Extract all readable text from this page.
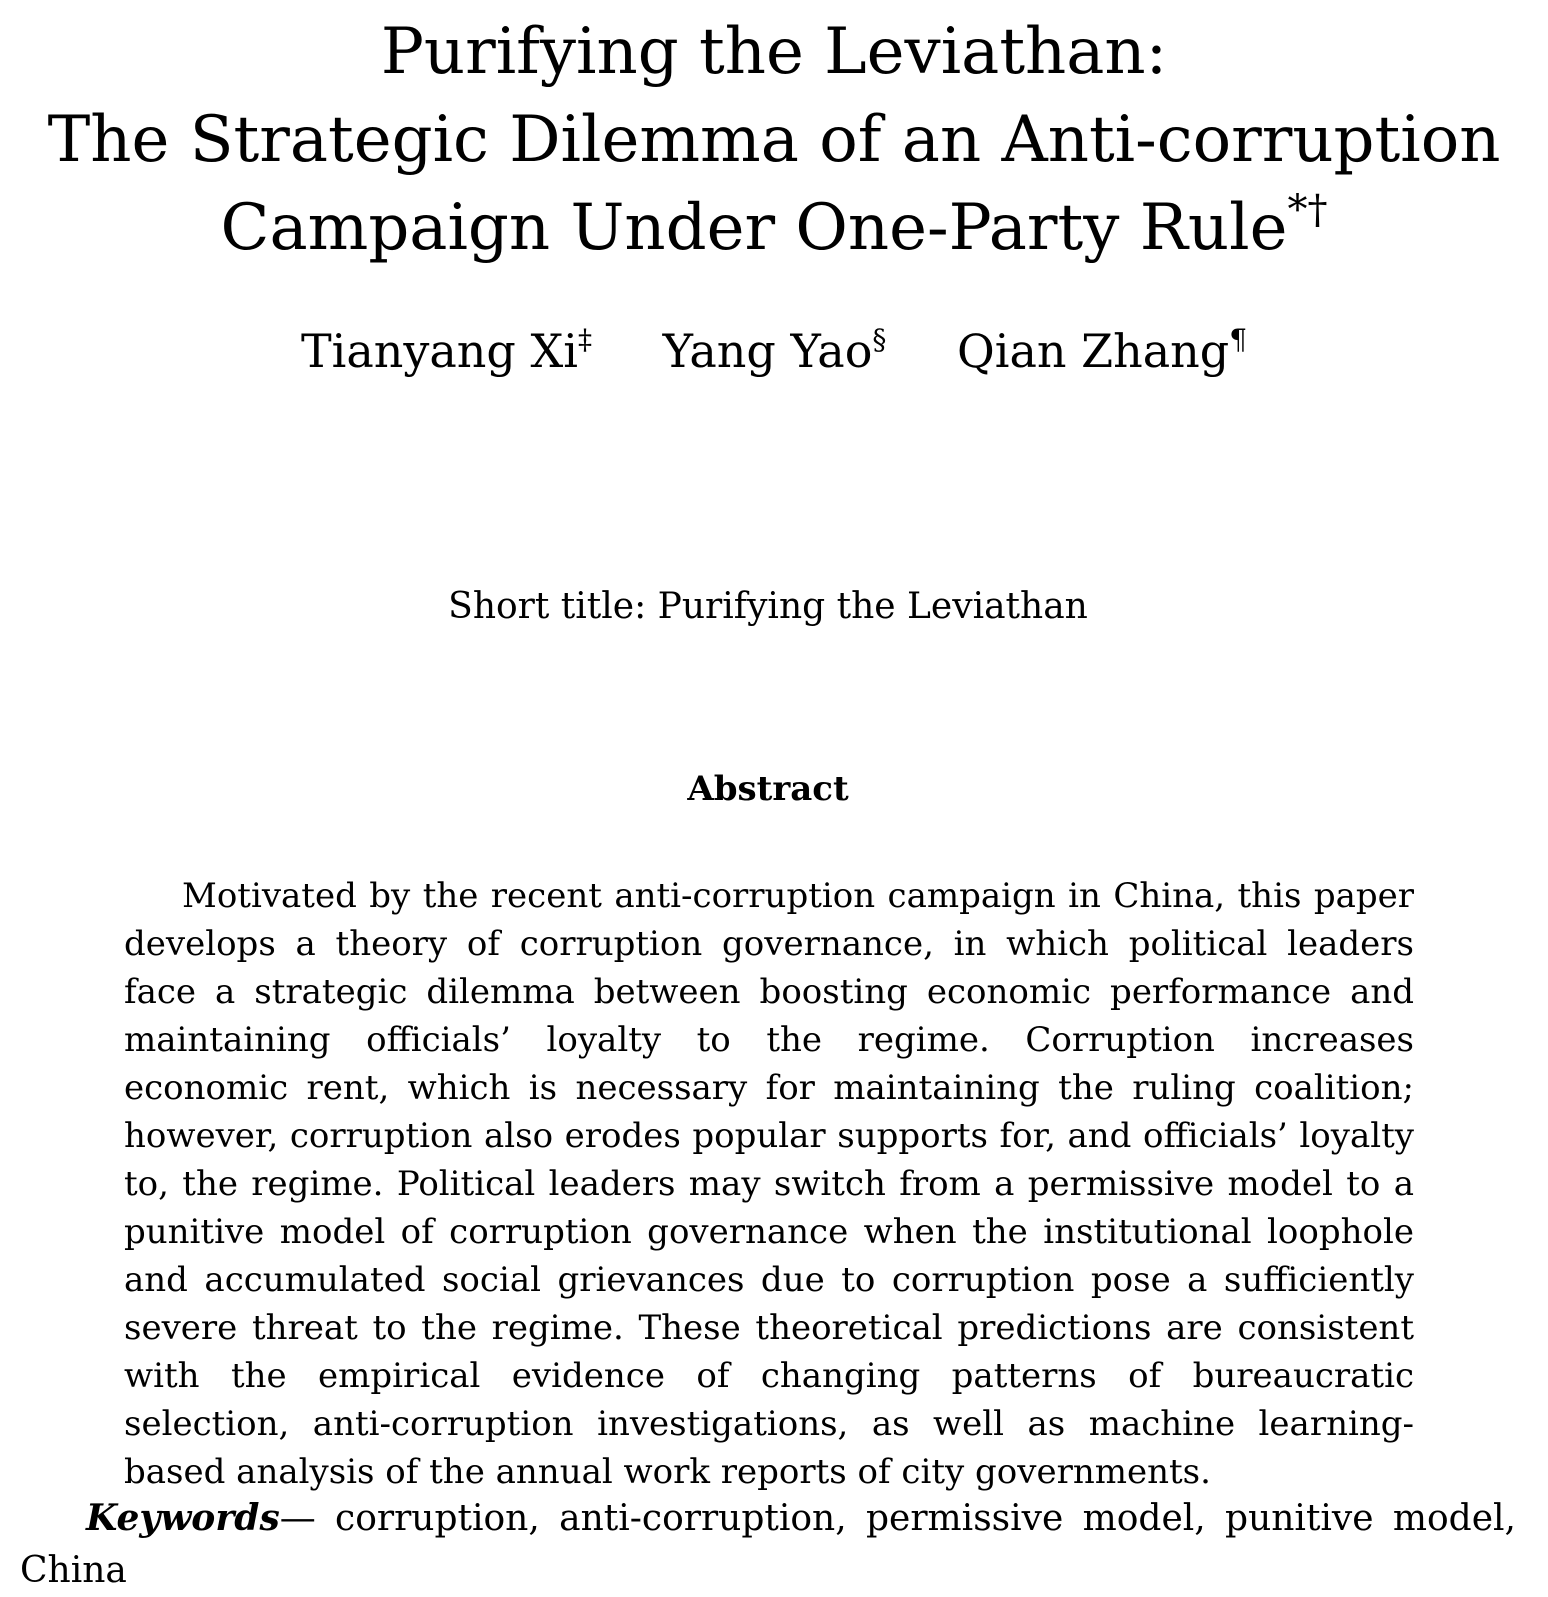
Purifying the Leviathan:
The Strategic Dilemma of an Anti-corruption
Campaign Under One-Party Rule*†
Tianyang Xi‡ Yang Yao§ Qian Zhang¶
Short title: Purifying the Leviathan
Abstract

Motivated by the recent anti-corruption campaign in China, this paper develops a theory of corruption governance, in which political leaders face a strategic dilemma between boosting economic performance and maintaining officials’ loyalty to the regime. Corruption increases economic rent, which is necessary for maintaining the ruling coalition; however, corruption also erodes popular supports for, and officials’ loyalty to, the regime. Political leaders may switch from a permissive model to a punitive model of corruption governance when the institutional loophole and accumulated social grievances due to corruption pose a sufficiently severe threat to the regime. These theoretical predictions are consistent with the empirical evidence of changing patterns of bureaucratic selection, anti-corruption investigations, as well as machine learning-based analysis of the annual work reports of city governments.

Keywords— corruption, anti-corruption, permissive model, punitive model, China
